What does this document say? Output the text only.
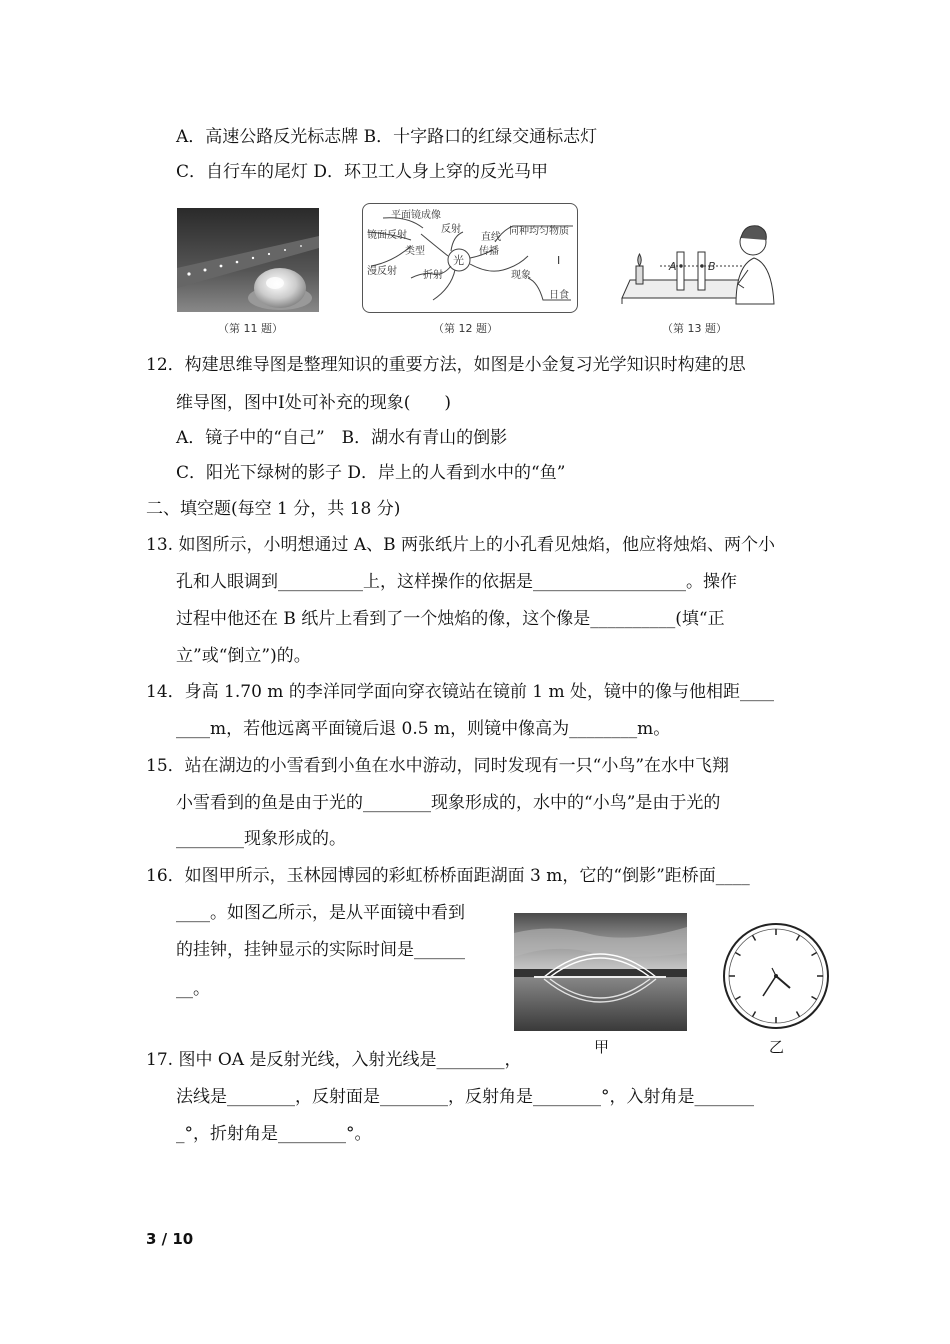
A．高速公路反光标志牌 B．十字路口的红绿交通标志灯
C．自行车的尾灯 D．环卫工人身上穿的反光马甲
（第 11 题）
平面镜成像
镜面反射
类型
漫反射
反射
折射
光
直线
传播
同种均匀物质
现象
Ⅰ
日食
（第 12 题）
A	B
（第 13 题）
12．构建思维导图是整理知识的重要方法，如图是小金复习光学知识时构建的思
维导图，图中Ⅰ处可补充的现象(　　)
A．镜子中的“自己”　B．湖水有青山的倒影
C．阳光下绿树的影子 D．岸上的人看到水中的“鱼”
二、填空题(每空 1 分，共 18 分)
13. 如图所示，小明想通过 A、B 两张纸片上的小孔看见烛焰，他应将烛焰、两个小
孔和人眼调到__________上，这样操作的依据是__________________。操作
过程中他还在 B 纸片上看到了一个烛焰的像，这个像是__________(填“正
立”或“倒立”)的。
14．身高 1.70 m 的李洋同学面向穿衣镜站在镜前 1 m 处，镜中的像与他相距____
____m，若他远离平面镜后退 0.5 m，则镜中像高为________m。
15．站在湖边的小雪看到小鱼在水中游动，同时发现有一只“小鸟”在水中飞翔
小雪看到的鱼是由于光的________现象形成的，水中的“小鸟”是由于光的
________现象形成的。
16．如图甲所示，玉林园博园的彩虹桥桥面距湖面 3 m，它的“倒影”距桥面____
____。如图乙所示，是从平面镜中看到
的挂钟，挂钟显示的实际时间是______
__。
甲	乙
17. 图中 OA 是反射光线，入射光线是________，
法线是________，反射面是________，反射角是________°，入射角是_______
_°，折射角是________°。
3 / 10
